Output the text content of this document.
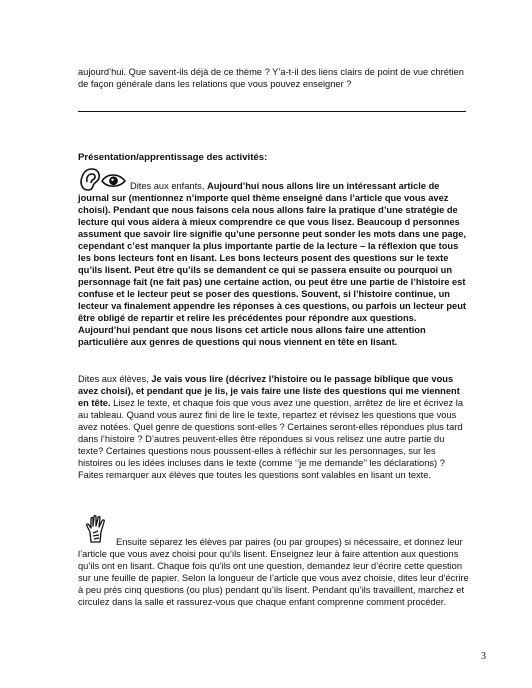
aujourd’hui. Que savent-ils déjà de ce thème ? Y’a-t-il des liens clairs de point de vue chrétien de façon générale dans les relations que vous pouvez enseigner ?

Présentation/apprentissage des activités:

Dites aux enfants, Aujourd’hui nous allons lire un intéressant article de journal sur (mentionnez n’importe quel thème enseigné dans l’article que vous avez choisi). Pendant que nous faisons cela nous allons faire la pratique d’une stratégie de lecture qui vous aidera à mieux comprendre ce que vous lisez. Beaucoup d personnes assument que savoir lire signifie qu’une personne peut sonder les mots dans une page, cependant c’est manquer la plus importante partie de la lecture – la réflexion que tous les bons lecteurs font en lisant. Les bons lecteurs posent des questions sur le texte qu’ils lisent. Peut être qu’ils se demandent ce qui se passera ensuite ou pourquoi un personnage fait (ne fait pas) une certaine action, ou peut être une partie de l’histoire est confuse et le lecteur peut se poser des questions. Souvent, si l’histoire continue, un lecteur va finalement appendre les réponses à ces questions, ou parfois un lecteur peut être obligé de repartir et relire les précédentes pour répondre aux questions. Aujourd’hui pendant que nous lisons cet article nous allons faire une attention particulière aux genres de questions qui nous viennent en tête en lisant.

Dites aux élèves, Je vais vous lire (décrivez l’histoire ou le passage biblique que vous avez choisi), et pendant que je lis, je vais faire une liste des questions qui me viennent en tête. Lisez le texte, et chaque fois que vous avez une question, arrêtez de lire et écrivez la au tableau. Quand vous aurez fini de lire le texte, repartez et révisez les questions que vous avez notées. Quel genre de questions sont-elles ? Certaines seront-elles répondues plus tard dans l’histoire ? D’autres peuvent-elles être répondues si vous relisez une autre partie du texte? Certaines questions nous poussent-elles à réfléchir sur les personnages, sur les histoires ou les idées incluses dans le texte (comme ‘’je me demande’’ les déclarations) ? Faites remarquer aux élèves que toutes les questions sont valables en lisant un texte.

Ensuite séparez les élèves par paires (ou par groupes) si nécessaire, et donnez leur l’article que vous avez choisi pour qu’ils lisent. Enseignez leur à faire attention aux questions qu’ils ont en lisant. Chaque fois qu’ils ont une question, demandez leur d’écrire cette question sur une feuille de papier. Selon la longueur de l’article que vous avez choisie, dites leur d’écrire à peu près cinq questions (ou plus) pendant qu’ils lisent. Pendant qu’ils travaillent, marchez et circulez dans la salle et rassurez-vous que chaque enfant comprenne comment procéder.

3
